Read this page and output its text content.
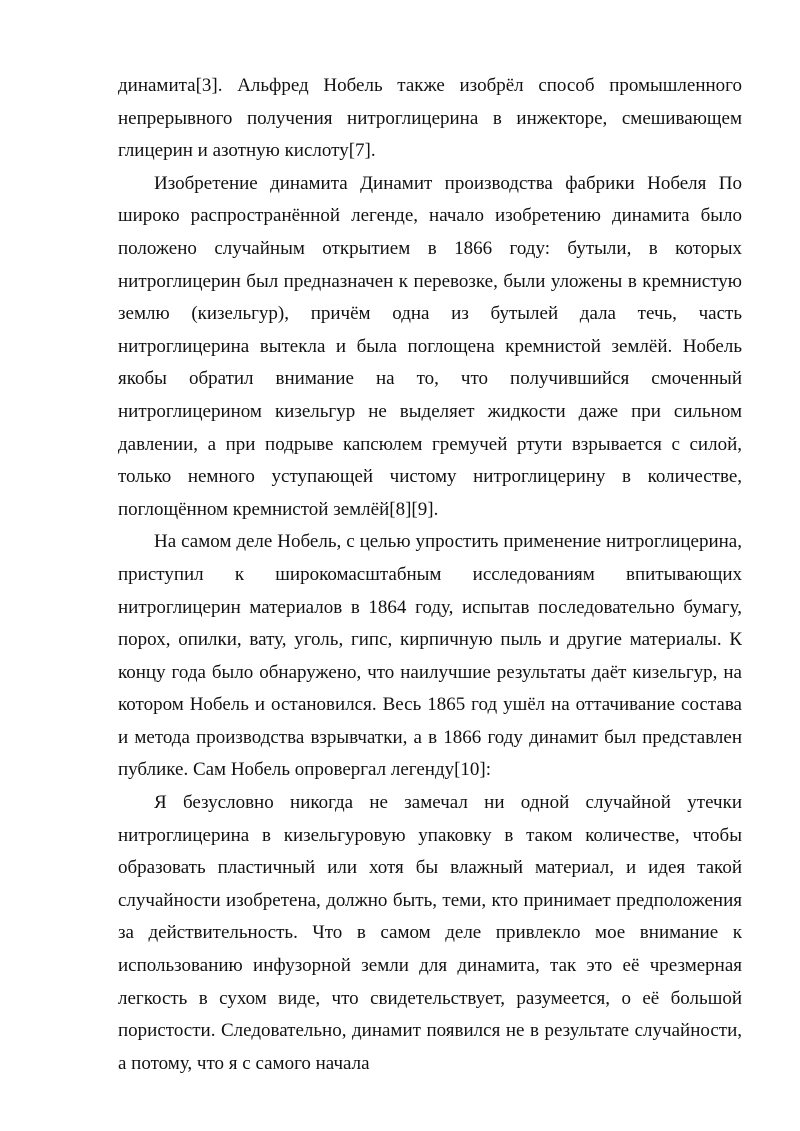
динамита[3]. Альфред Нобель также изобрёл способ промышленного непрерывного получения нитроглицерина в инжекторе, смешивающем глицерин и азотную кислоту[7].

Изобретение динамита Динамит производства фабрики Нобеля По широко распространённой легенде, начало изобретению динамита было положено случайным открытием в 1866 году: бутыли, в которых нитроглицерин был предназначен к перевозке, были уложены в кремнистую землю (кизельгур), причём одна из бутылей дала течь, часть нитроглицерина вытекла и была поглощена кремнистой землёй. Нобель якобы обратил внимание на то, что получившийся смоченный нитроглицерином кизельгур не выделяет жидкости даже при сильном давлении, а при подрыве капсюлем гремучей ртути взрывается с силой, только немного уступающей чистому нитроглицерину в количестве, поглощённом кремнистой землёй[8][9].

На самом деле Нобель, с целью упростить применение нитроглицерина, приступил к широкомасштабным исследованиям впитывающих нитроглицерин материалов в 1864 году, испытав последовательно бумагу, порох, опилки, вату, уголь, гипс, кирпичную пыль и другие материалы. К концу года было обнаружено, что наилучшие результаты даёт кизельгур, на котором Нобель и остановился. Весь 1865 год ушёл на оттачивание состава и метода производства взрывчатки, а в 1866 году динамит был представлен публике. Сам Нобель опровергал легенду[10]:

Я безусловно никогда не замечал ни одной случайной утечки нитроглицерина в кизельгуровую упаковку в таком количестве, чтобы образовать пластичный или хотя бы влажный материал, и идея такой случайности изобретена, должно быть, теми, кто принимает предположения за действительность. Что в самом деле привлекло мое внимание к использованию инфузорной земли для динамита, так это её чрезмерная легкость в сухом виде, что свидетельствует, разумеется, о её большой пористости. Следовательно, динамит появился не в результате случайности, а потому, что я с самого начала
